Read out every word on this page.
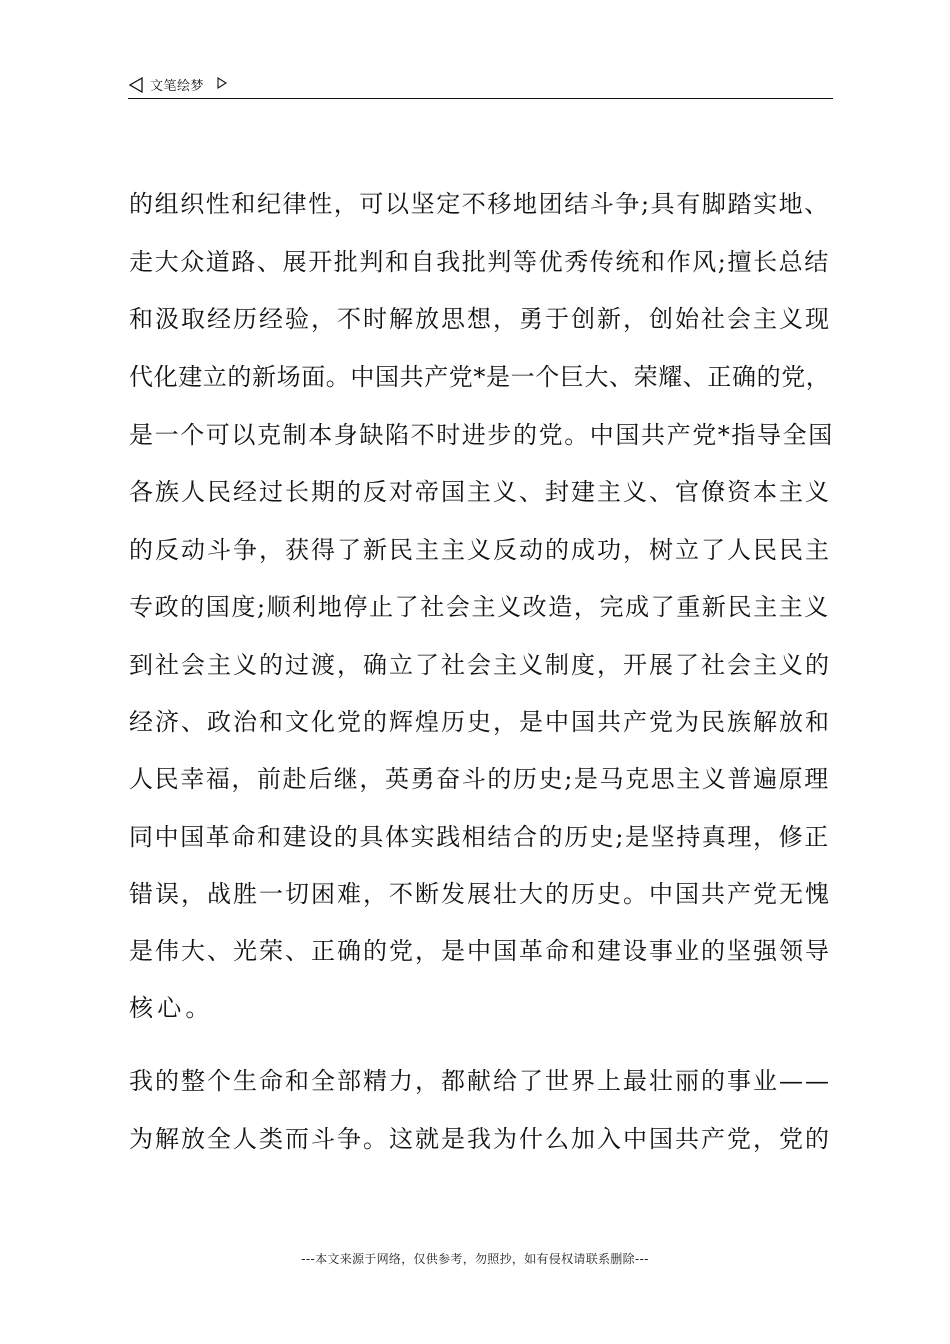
文笔绘梦
的组织性和纪律性，可以坚定不移地团结斗争;具有脚踏实地、
走大众道路、展开批判和自我批判等优秀传统和作风;擅长总结
和汲取经历经验，不时解放思想，勇于创新，创始社会主义现
代化建立的新场面。中国共产党*是一个巨大、荣耀、正确的党，
是一个可以克制本身缺陷不时进步的党。中国共产党*指导全国
各族人民经过长期的反对帝国主义、封建主义、官僚资本主义
的反动斗争，获得了新民主主义反动的成功，树立了人民民主
专政的国度;顺利地停止了社会主义改造，完成了重新民主主义
到社会主义的过渡，确立了社会主义制度，开展了社会主义的
经济、政治和文化党的辉煌历史，是中国共产党为民族解放和
人民幸福，前赴后继，英勇奋斗的历史;是马克思主义普遍原理
同中国革命和建设的具体实践相结合的历史;是坚持真理，修正
错误，战胜一切困难，不断发展壮大的历史。中国共产党无愧
是伟大、光荣、正确的党，是中国革命和建设事业的坚强领导
核心。
我的整个生命和全部精力，都献给了世界上最壮丽的事业——
为解放全人类而斗争。这就是我为什么加入中国共产党，党的
---本文来源于网络，仅供参考，勿照抄，如有侵权请联系删除---
